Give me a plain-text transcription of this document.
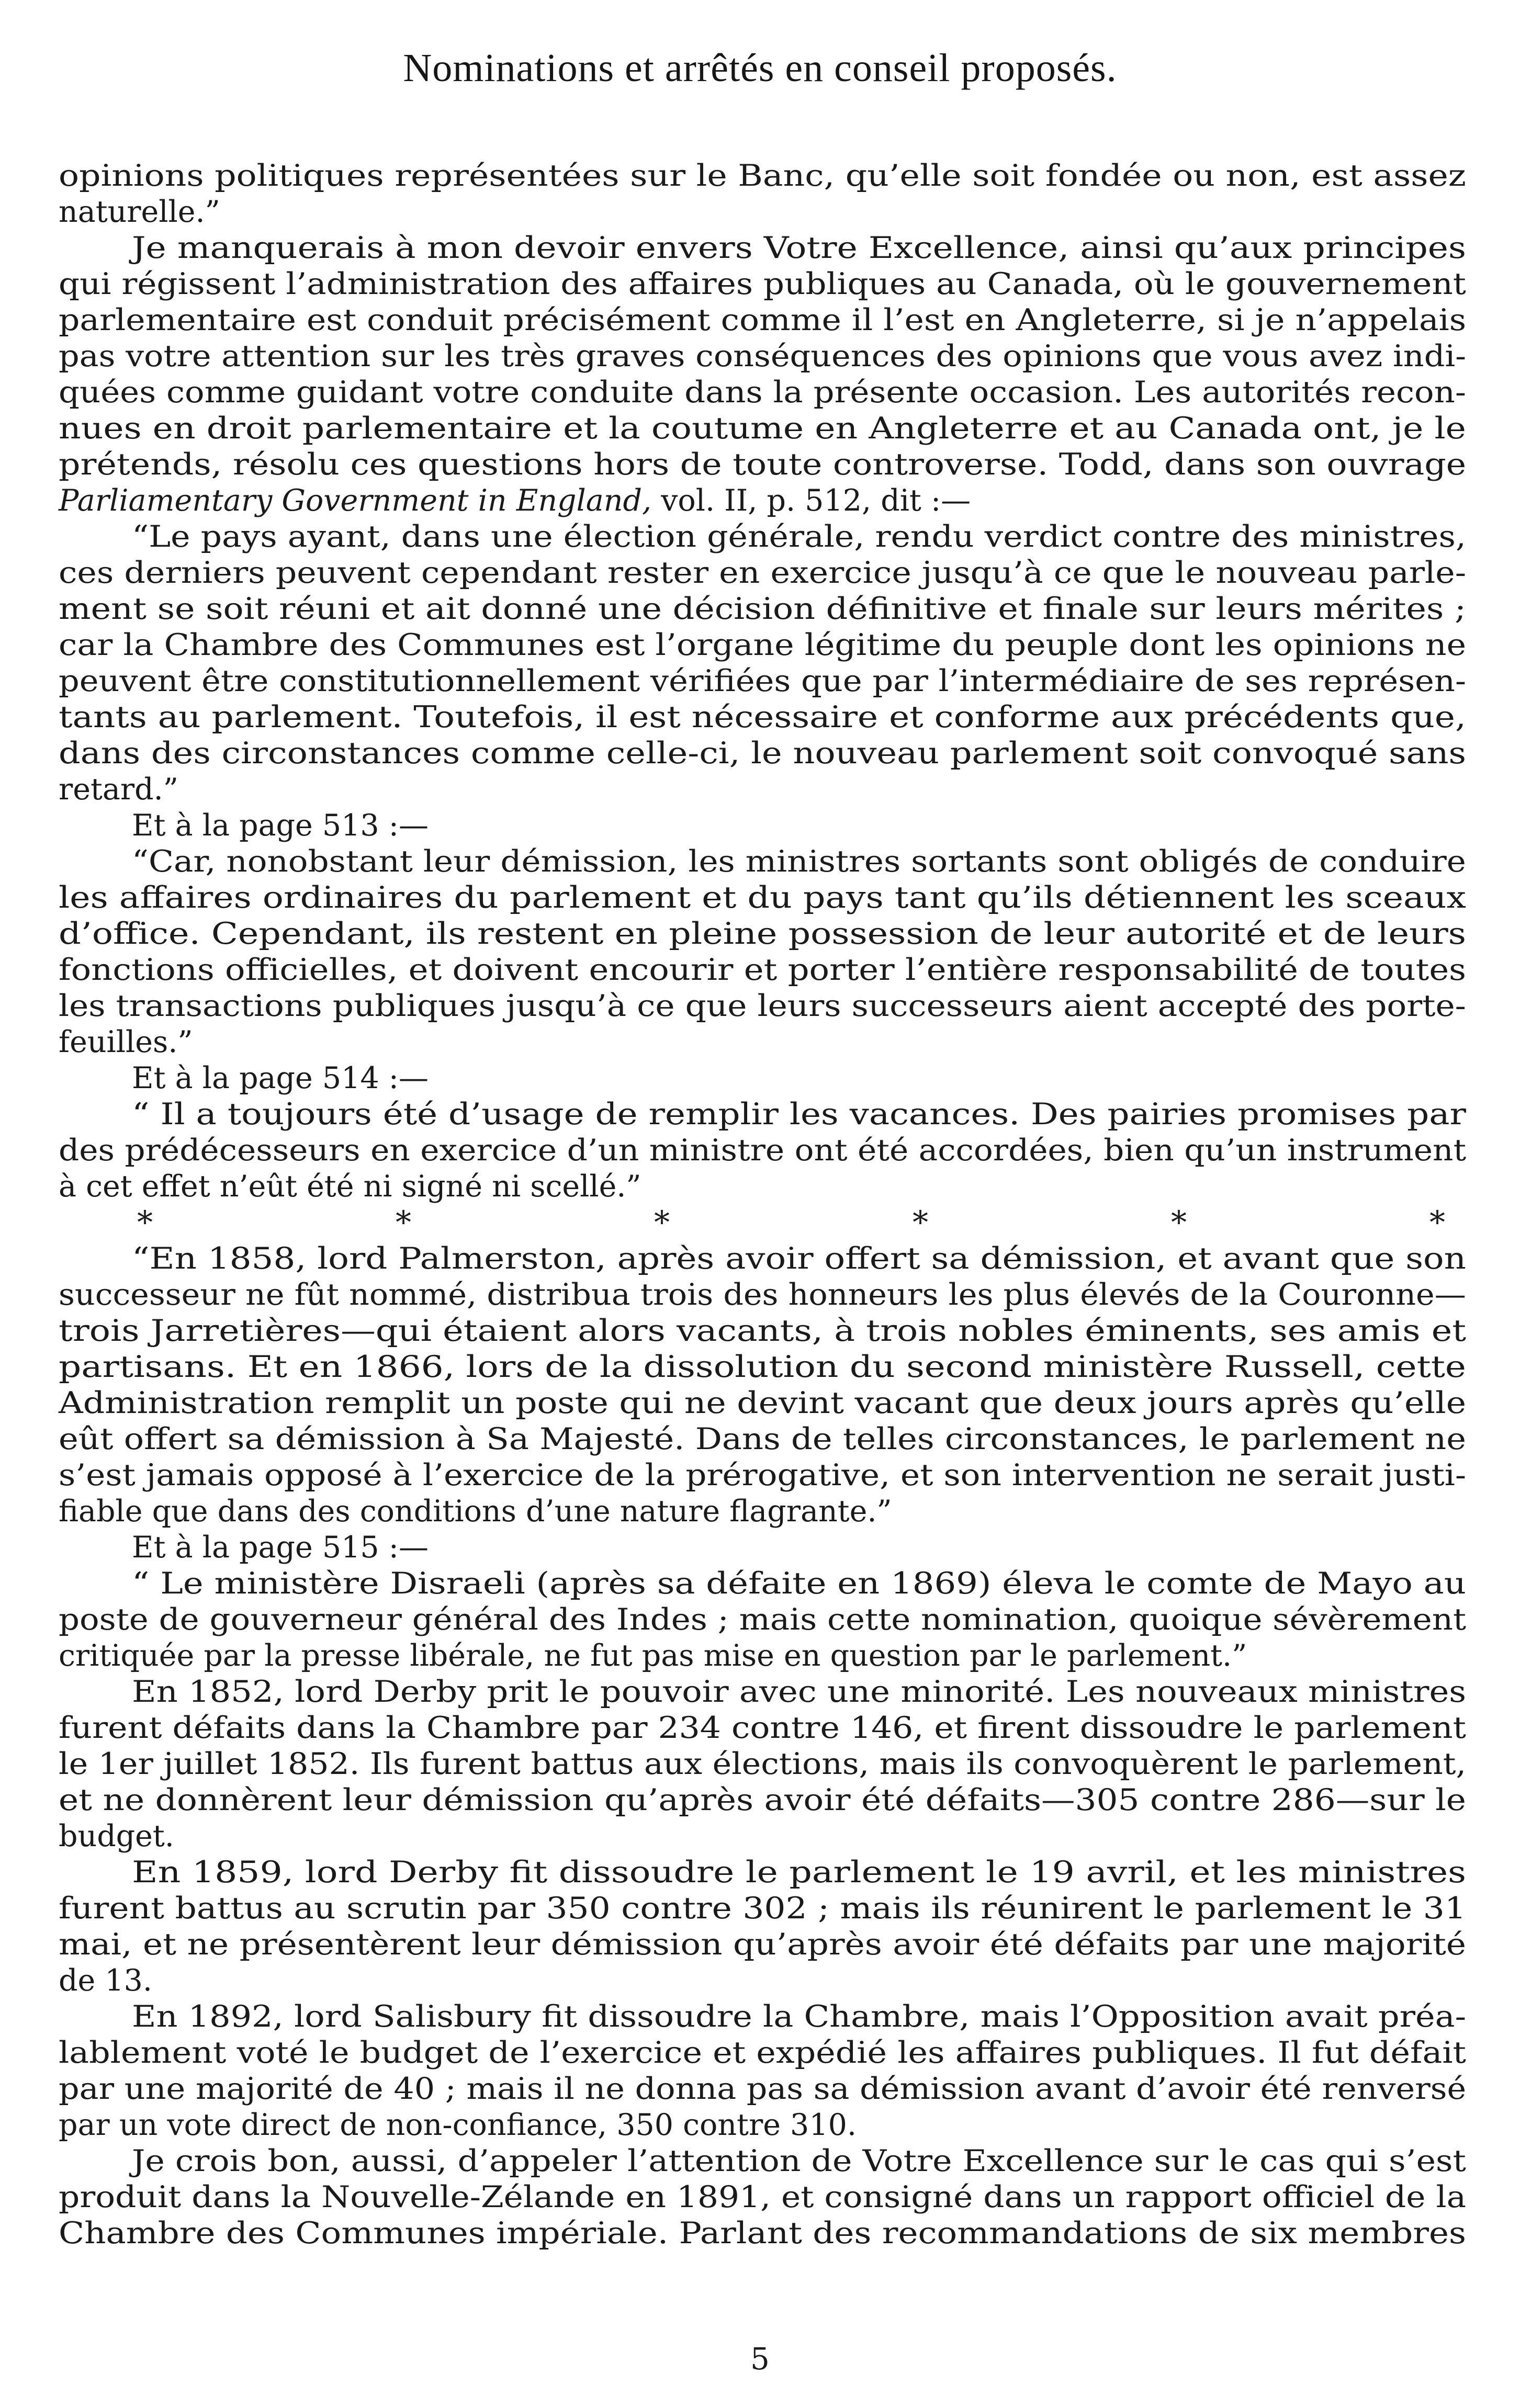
Nominations et arrêtés en conseil proposés.
opinions politiques représentées sur le Banc, qu’elle soit fondée ou non, est assez
naturelle.”
Je manquerais à mon devoir envers Votre Excellence, ainsi qu’aux principes
qui régissent l’administration des affaires publiques au Canada, où le gouvernement
parlementaire est conduit précisément comme il l’est en Angleterre, si je n’appelais
pas votre attention sur les très graves conséquences des opinions que vous avez indi-
quées comme guidant votre conduite dans la présente occasion. Les autorités recon-
nues en droit parlementaire et la coutume en Angleterre et au Canada ont, je le
prétends, résolu ces questions hors de toute controverse. Todd, dans son ouvrage
Parliamentary Government in England, vol. II, p. 512, dit :—
“Le pays ayant, dans une élection générale, rendu verdict contre des ministres,
ces derniers peuvent cependant rester en exercice jusqu’à ce que le nouveau parle-
ment se soit réuni et ait donné une décision définitive et finale sur leurs mérites ;
car la Chambre des Communes est l’organe légitime du peuple dont les opinions ne
peuvent être constitutionnellement vérifiées que par l’intermédiaire de ses représen-
tants au parlement. Toutefois, il est nécessaire et conforme aux précédents que,
dans des circonstances comme celle-ci, le nouveau parlement soit convoqué sans
retard.”
Et à la page 513 :—
“Car, nonobstant leur démission, les ministres sortants sont obligés de conduire
les affaires ordinaires du parlement et du pays tant qu’ils détiennent les sceaux
d’office. Cependant, ils restent en pleine possession de leur autorité et de leurs
fonctions officielles, et doivent encourir et porter l’entière responsabilité de toutes
les transactions publiques jusqu’à ce que leurs successeurs aient accepté des porte-
feuilles.”
Et à la page 514 :—
“ Il a toujours été d’usage de remplir les vacances. Des pairies promises par
des prédécesseurs en exercice d’un ministre ont été accordées, bien qu’un instrument
à cet effet n’eût été ni signé ni scellé.”
*	*	*	*	*	*
“En 1858, lord Palmerston, après avoir offert sa démission, et avant que son
successeur ne fût nommé, distribua trois des honneurs les plus élevés de la Couronne—
trois Jarretières—qui étaient alors vacants, à trois nobles éminents, ses amis et
partisans. Et en 1866, lors de la dissolution du second ministère Russell, cette
Administration remplit un poste qui ne devint vacant que deux jours après qu’elle
eût offert sa démission à Sa Majesté. Dans de telles circonstances, le parlement ne
s’est jamais opposé à l’exercice de la prérogative, et son intervention ne serait justi-
fiable que dans des conditions d’une nature flagrante.”
Et à la page 515 :—
“ Le ministère Disraeli (après sa défaite en 1869) éleva le comte de Mayo au
poste de gouverneur général des Indes ; mais cette nomination, quoique sévèrement
critiquée par la presse libérale, ne fut pas mise en question par le parlement.”
En 1852, lord Derby prit le pouvoir avec une minorité. Les nouveaux ministres
furent défaits dans la Chambre par 234 contre 146, et firent dissoudre le parlement
le 1er juillet 1852. Ils furent battus aux élections, mais ils convoquèrent le parlement,
et ne donnèrent leur démission qu’après avoir été défaits—305 contre 286—sur le
budget.
En 1859, lord Derby fit dissoudre le parlement le 19 avril, et les ministres
furent battus au scrutin par 350 contre 302 ; mais ils réunirent le parlement le 31
mai, et ne présentèrent leur démission qu’après avoir été défaits par une majorité
de 13.
En 1892, lord Salisbury fit dissoudre la Chambre, mais l’Opposition avait préa-
lablement voté le budget de l’exercice et expédié les affaires publiques. Il fut défait
par une majorité de 40 ; mais il ne donna pas sa démission avant d’avoir été renversé
par un vote direct de non-confiance, 350 contre 310.
Je crois bon, aussi, d’appeler l’attention de Votre Excellence sur le cas qui s’est
produit dans la Nouvelle-Zélande en 1891, et consigné dans un rapport officiel de la
Chambre des Communes impériale. Parlant des recommandations de six membres
5
